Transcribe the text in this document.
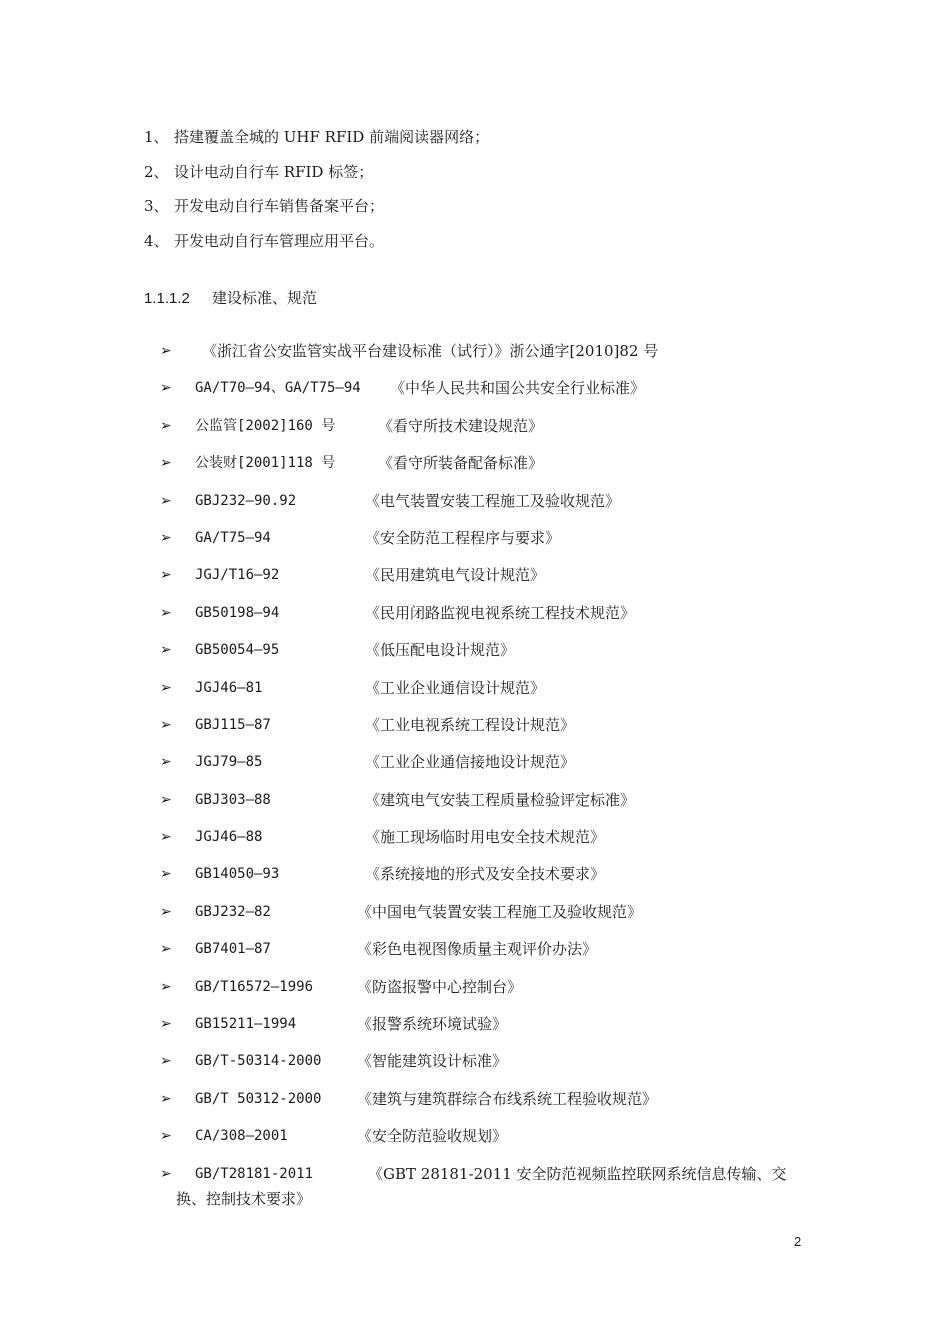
1、 搭建覆盖全城的 UHF RFID 前端阅读器网络；
2、 设计电动自行车 RFID 标签；
3、 开发电动自行车销售备案平台；
4、 开发电动自行车管理应用平台。
1.1.1.2 建设标准、规范
➢ 《浙江省公安监管实战平台建设标准（试行）》浙公通字[2010]82 号
➢ GA/T70—94、GA/T75—94 《中华人民共和国公共安全行业标准》
➢ 公监管[2002]160 号	《看守所技术建设规范》
➢ 公装财[2001]118 号	《看守所装备配备标准》
➢ GBJ232—90.92	《电气装置安装工程施工及验收规范》
➢ GA/T75—94	《安全防范工程程序与要求》
➢ JGJ/T16—92	《民用建筑电气设计规范》
➢ GB50198—94	《民用闭路监视电视系统工程技术规范》
➢ GB50054—95	《低压配电设计规范》
➢ JGJ46—81	《工业企业通信设计规范》
➢ GBJ115—87	《工业电视系统工程设计规范》
➢ JGJ79—85	《工业企业通信接地设计规范》
➢ GBJ303—88	《建筑电气安装工程质量检验评定标准》
➢ JGJ46—88	《施工现场临时用电安全技术规范》
➢ GB14050—93	《系统接地的形式及安全技术要求》
➢ GBJ232—82	《中国电气装置安装工程施工及验收规范》
➢ GB7401—87	《彩色电视图像质量主观评价办法》
➢ GB/T16572—1996	《防盗报警中心控制台》
➢ GB15211—1994	《报警系统环境试验》
➢ GB/T-50314-2000 《智能建筑设计标准》
➢ GB/T 50312-2000 《建筑与建筑群综合布线系统工程验收规范》
➢ CA/308—2001	《安全防范验收规划》
➢ GB/T28181-2011	《GBT 28181-2011 安全防范视频监控联网系统信息传输、交
换、控制技术要求》
2
